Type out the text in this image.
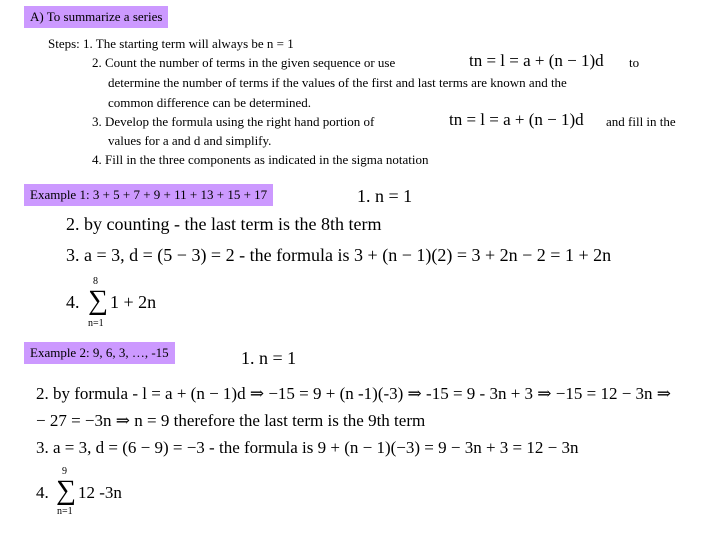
A) To summarize a series
Steps: 1. The starting term will always be n = 1
2. Count the number of terms in the given sequence or use	tn = l = a + (n − 1)d to
determine the number of terms if the values of the first and last terms are known and the
common difference can be determined.
3. Develop the formula using the right hand portion of	tn = l = a + (n − 1)d and fill in the
values for a and d and simplify.
4. Fill in the three components as indicated in the sigma notation
Example 1: 3 + 5 + 7 + 9 + 11 + 13 + 15 + 17	1. n = 1
2. by counting - the last term is the 8th term
3. a = 3, d = (5 − 3) = 2 - the formula is 3 + (n − 1)(2) = 3 + 2n − 2 = 1 + 2n
8
4. ∑ 1 + 2n
n=1
Example 2: 9, 6, 3, …, -15	1. n = 1
2. by formula - l = a + (n − 1)d ⇒ −15 = 9 + (n -1)(-3) ⇒ -15 = 9 - 3n + 3 ⇒ −15 = 12 − 3n ⇒
− 27 = −3n ⇒ n = 9 therefore the last term is the 9th term
3. a = 3, d = (6 − 9) = −3 - the formula is 9 + (n − 1)(−3) = 9 − 3n + 3 = 12 − 3n
9
4. ∑ 12 -3n
n=1
